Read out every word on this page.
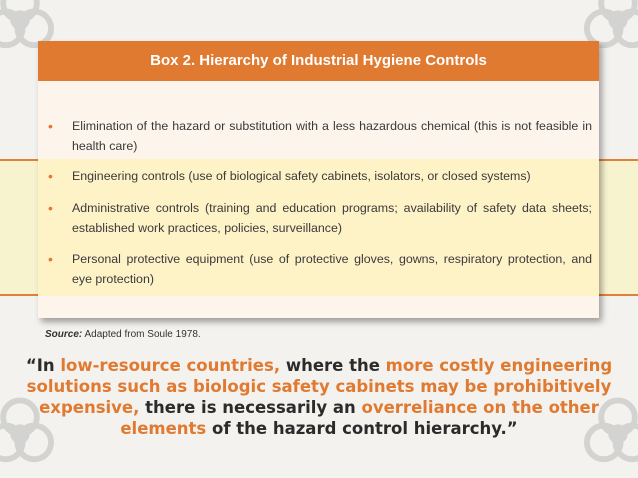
Box 2. Hierarchy of Industrial Hygiene Controls
•	Elimination of the hazard or substitution with a less hazardous chemical (this is not feasible in health care)
•	Engineering controls (use of biological safety cabinets, isolators, or closed systems)
•	Administrative controls (training and education programs; availability of safety data sheets; established work practices, policies, surveillance)
•	Personal protective equipment (use of protective gloves, gowns, respiratory protection, and eye protection)
Source: Adapted from Soule 1978.
“In low-resource countries, where the more costly engineering solutions such as biologic safety cabinets may be prohibitively expensive, there is necessarily an overreliance on the other elements of the hazard control hierarchy.”
